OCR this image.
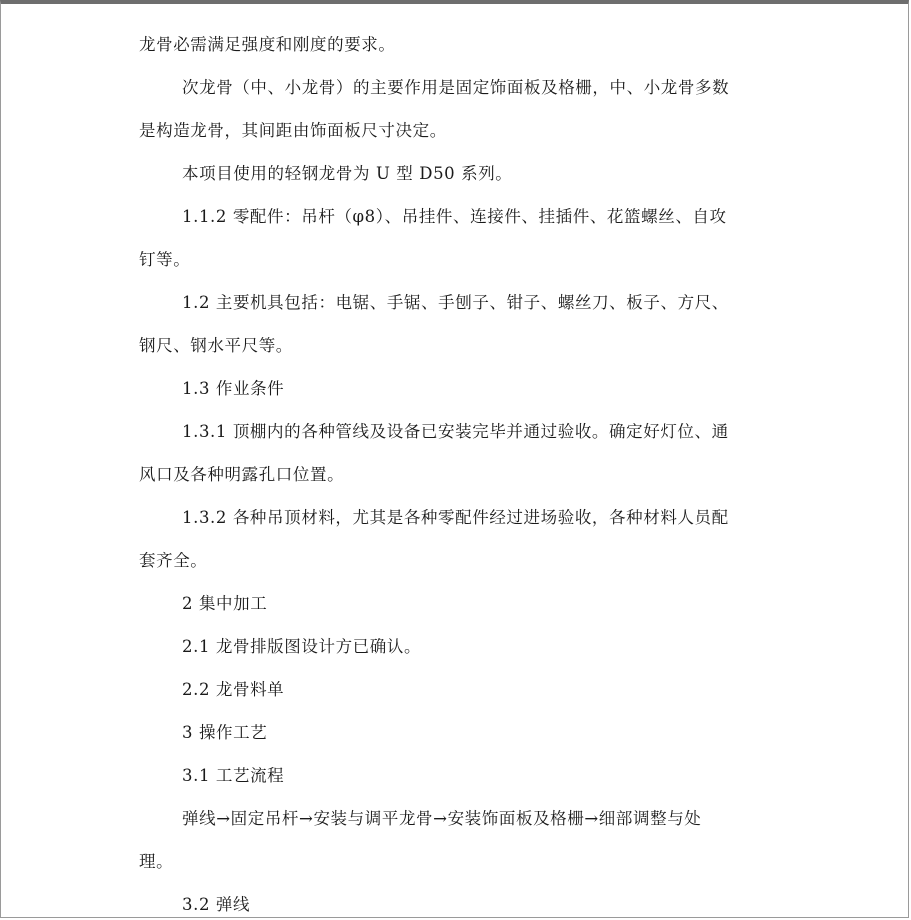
龙骨必需满足强度和刚度的要求。
次龙骨（中、小龙骨）的主要作用是固定饰面板及格栅，中、小龙骨多数
是构造龙骨，其间距由饰面板尺寸决定。
本项目使用的轻钢龙骨为 U 型 D50 系列。
1.1.2 零配件：吊杆（φ8）、吊挂件、连接件、挂插件、花篮螺丝、自攻
钉等。
1.2 主要机具包括：电锯、手锯、手刨子、钳子、螺丝刀、板子、方尺、
钢尺、钢水平尺等。
1.3 作业条件
1.3.1 顶棚内的各种管线及设备已安装完毕并通过验收。确定好灯位、通
风口及各种明露孔口位置。
1.3.2 各种吊顶材料，尤其是各种零配件经过进场验收，各种材料人员配
套齐全。
2 集中加工
2.1 龙骨排版图设计方已确认。
2.2 龙骨料单
3 操作工艺
3.1 工艺流程
弹线→固定吊杆→安装与调平龙骨→安装饰面板及格栅→细部调整与处
理。
3.2 弹线
